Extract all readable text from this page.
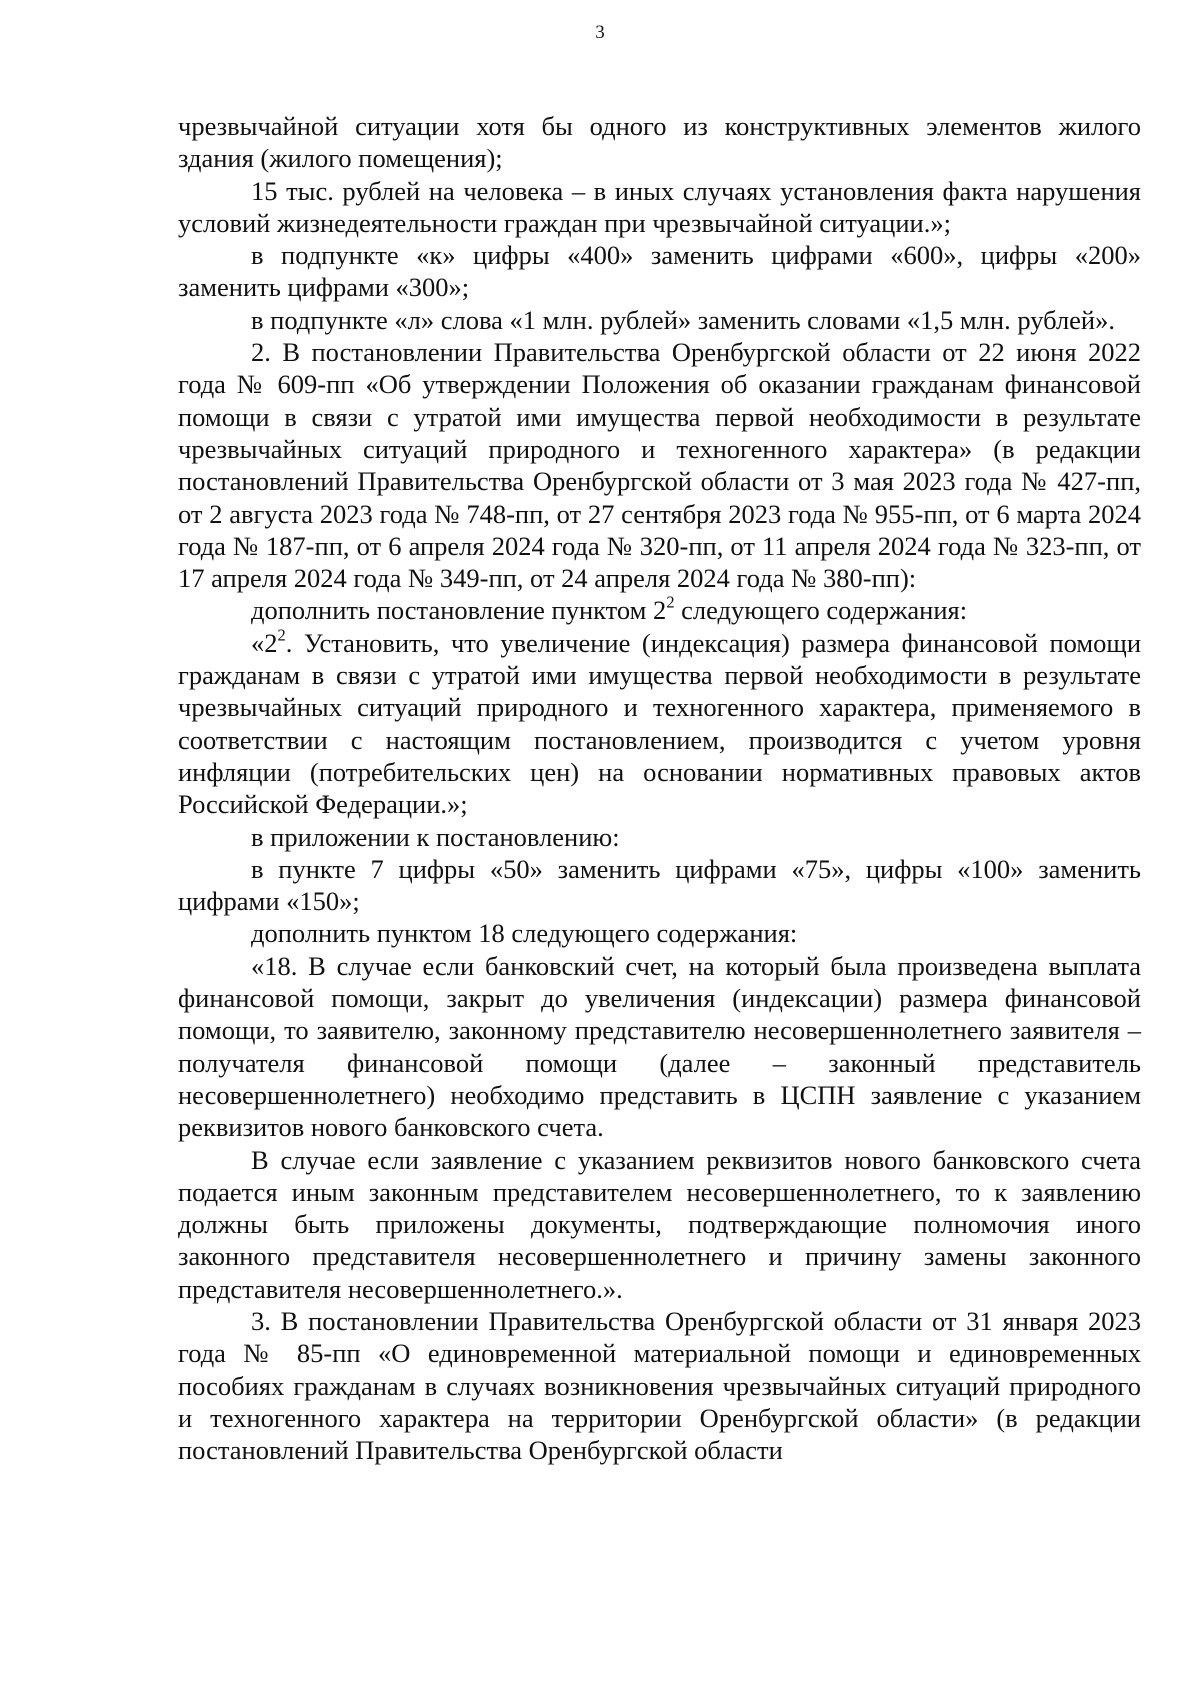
3

чрезвычайной ситуации хотя бы одного из конструктивных элементов жилого здания (жилого помещения);

15 тыс. рублей на человека – в иных случаях установления факта нарушения условий жизнедеятельности граждан при чрезвычайной ситуации.»;

в подпункте «к» цифры «400» заменить цифрами «600», цифры «200» заменить цифрами «300»;

в подпункте «л» слова «1 млн. рублей» заменить словами «1,5 млн. рублей».

2. В постановлении Правительства Оренбургской области от 22 июня 2022 года № 609-пп «Об утверждении Положения об оказании гражданам финансовой помощи в связи с утратой ими имущества первой необходимости в результате чрезвычайных ситуаций природного и техногенного характера» (в редакции постановлений Правительства Оренбургской области от 3 мая 2023 года № 427-пп, от 2 августа 2023 года № 748-пп, от 27 сентября 2023 года № 955-пп, от 6 марта 2024 года № 187-пп, от 6 апреля 2024 года № 320-пп, от 11 апреля 2024 года № 323-пп, от 17 апреля 2024 года № 349-пп, от 24 апреля 2024 года № 380-пп):

дополнить постановление пунктом $2^2$ следующего содержания:

«$2^2$. Установить, что увеличение (индексация) размера финансовой помощи гражданам в связи с утратой ими имущества первой необходимости в результате чрезвычайных ситуаций природного и техногенного характера, применяемого в соответствии с настоящим постановлением, производится с учетом уровня инфляции (потребительских цен) на основании нормативных правовых актов Российской Федерации.»;

в приложении к постановлению:

в пункте 7 цифры «50» заменить цифрами «75», цифры «100» заменить цифрами «150»;

дополнить пунктом 18 следующего содержания:

«18. В случае если банковский счет, на который была произведена выплата финансовой помощи, закрыт до увеличения (индексации) размера финансовой помощи, то заявителю, законному представителю несовершеннолетнего заявителя – получателя финансовой помощи (далее – законный представитель несовершеннолетнего) необходимо представить в ЦСПН заявление с указанием реквизитов нового банковского счета.

В случае если заявление с указанием реквизитов нового банковского счета подается иным законным представителем несовершеннолетнего, то к заявлению должны быть приложены документы, подтверждающие полномочия иного законного представителя несовершеннолетнего и причину замены законного представителя несовершеннолетнего.».

3. В постановлении Правительства Оренбургской области от 31 января 2023 года № 85-пп «О единовременной материальной помощи и единовременных пособиях гражданам в случаях возникновения чрезвычайных ситуаций природного и техногенного характера на территории Оренбургской области» (в редакции постановлений Правительства Оренбургской области
